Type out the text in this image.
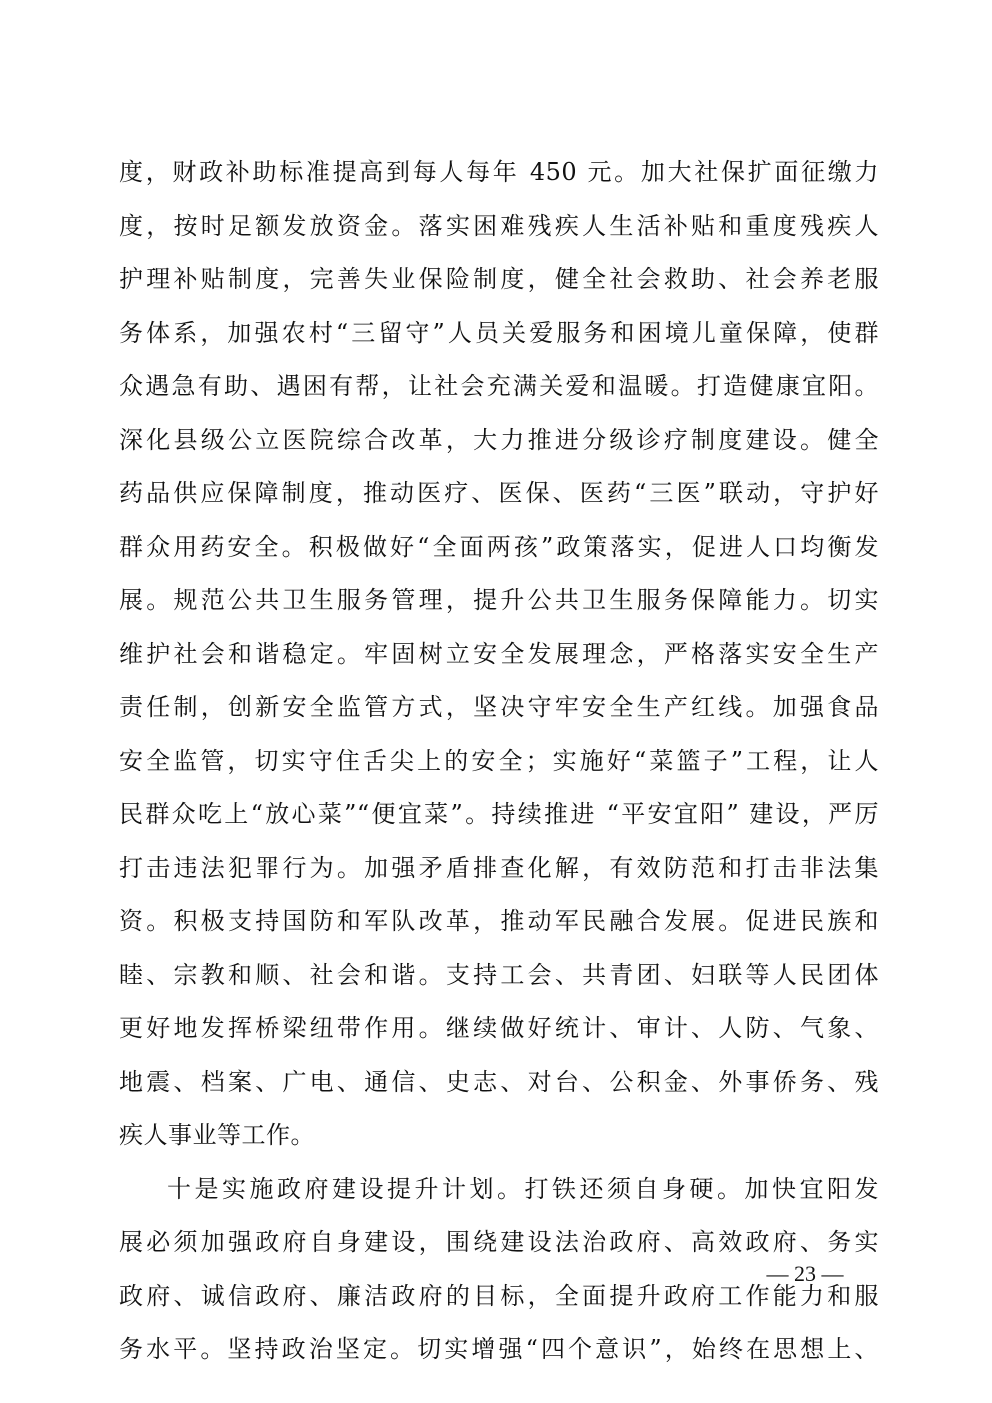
度，财政补助标准提高到每人每年 450 元。加大社保扩面征缴力
度，按时足额发放资金。落实困难残疾人生活补贴和重度残疾人
护理补贴制度，完善失业保险制度，健全社会救助、社会养老服
务体系，加强农村“三留守”人员关爱服务和困境儿童保障，使群
众遇急有助、遇困有帮，让社会充满关爱和温暖。打造健康宜阳。
深化县级公立医院综合改革，大力推进分级诊疗制度建设。健全
药品供应保障制度，推动医疗、医保、医药“三医”联动，守护好
群众用药安全。积极做好“全面两孩”政策落实，促进人口均衡发
展。规范公共卫生服务管理，提升公共卫生服务保障能力。切实
维护社会和谐稳定。牢固树立安全发展理念，严格落实安全生产
责任制，创新安全监管方式，坚决守牢安全生产红线。加强食品
安全监管，切实守住舌尖上的安全；实施好“菜篮子”工程，让人
民群众吃上“放心菜”“便宜菜”。持续推进 “平安宜阳” 建设，严厉
打击违法犯罪行为。加强矛盾排查化解，有效防范和打击非法集
资。积极支持国防和军队改革，推动军民融合发展。促进民族和
睦、宗教和顺、社会和谐。支持工会、共青团、妇联等人民团体
更好地发挥桥梁纽带作用。继续做好统计、审计、人防、气象、
地震、档案、广电、通信、史志、对台、公积金、外事侨务、残
疾人事业等工作。
十是实施政府建设提升计划。打铁还须自身硬。加快宜阳发
展必须加强政府自身建设，围绕建设法治政府、高效政府、务实
政府、诚信政府、廉洁政府的目标，全面提升政府工作能力和服
务水平。坚持政治坚定。切实增强“四个意识”，始终在思想上、
— 23 —
